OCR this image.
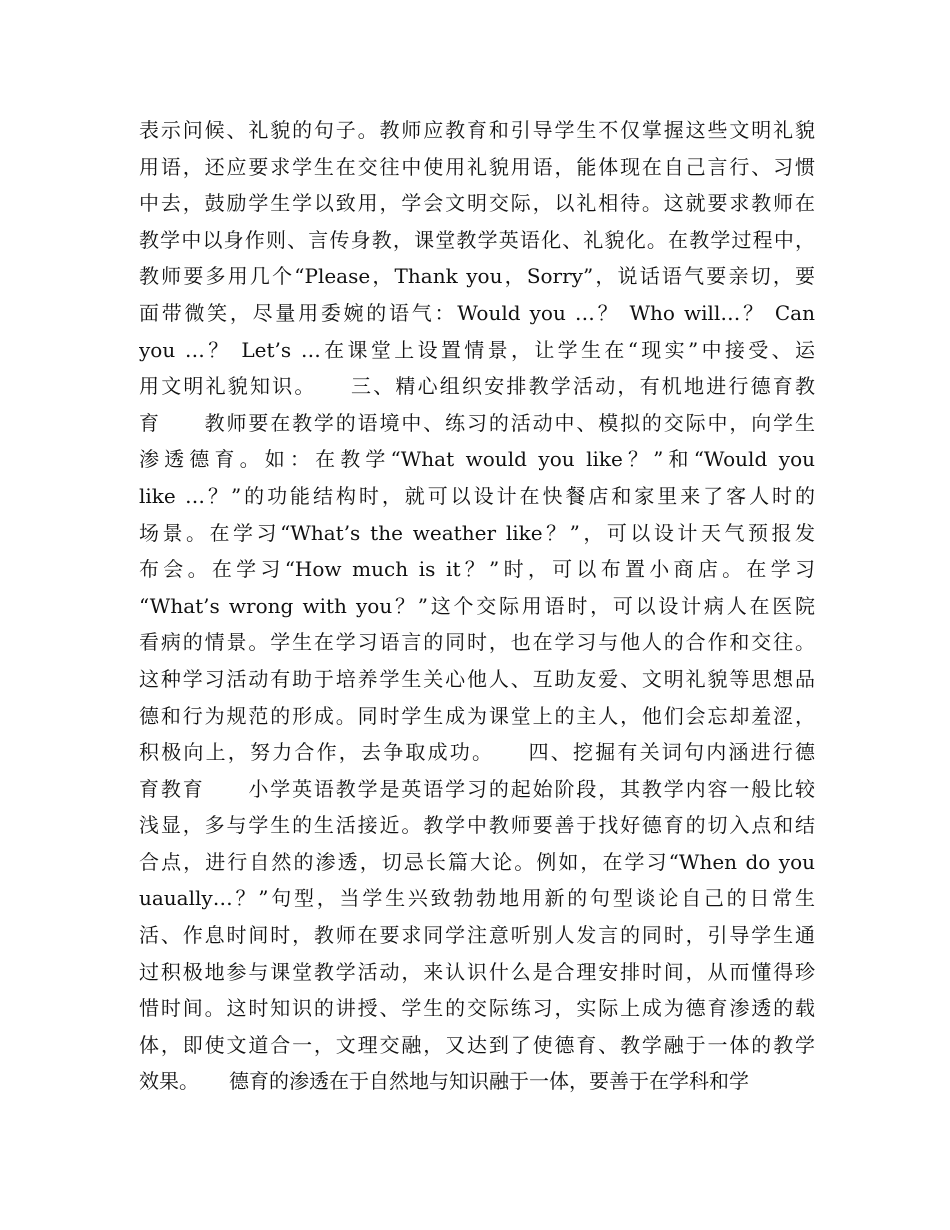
表示问候、礼貌的句子。教师应教育和引导学生不仅掌握这些文明礼貌
用语，还应要求学生在交往中使用礼貌用语，能体现在自己言行、习惯
中去，鼓励学生学以致用，学会文明交际，以礼相待。这就要求教师在
教学中以身作则、言传身教，课堂教学英语化、礼貌化。在教学过程中，
教师要多用几个“Please，Thank you，Sorry”，说话语气要亲切，要
面带微笑，尽量用委婉的语气：Would you …？ Who will…？ Can
you …？ Let’s …在课堂上设置情景，让学生在“现实”中接受、运
用文明礼貌知识。　　三、精心组织安排教学活动，有机地进行德育教
育　　教师要在教学的语境中、练习的活动中、模拟的交际中，向学生
渗透德育。如：在教学“What would you like？”和“Would you
like …？”的功能结构时，就可以设计在快餐店和家里来了客人时的
场景。在学习“What’s the weather like？”，可以设计天气预报发
布会。在学习“How much is it？”时，可以布置小商店。在学习
“What’s wrong with you？”这个交际用语时，可以设计病人在医院
看病的情景。学生在学习语言的同时，也在学习与他人的合作和交往。
这种学习活动有助于培养学生关心他人、互助友爱、文明礼貌等思想品
德和行为规范的形成。同时学生成为课堂上的主人，他们会忘却羞涩，
积极向上，努力合作，去争取成功。　　四、挖掘有关词句内涵进行德
育教育　　小学英语教学是英语学习的起始阶段，其教学内容一般比较
浅显，多与学生的生活接近。教学中教师要善于找好德育的切入点和结
合点，进行自然的渗透，切忌长篇大论。例如，在学习“When do you
uaually…？”句型，当学生兴致勃勃地用新的句型谈论自己的日常生
活、作息时间时，教师在要求同学注意听别人发言的同时，引导学生通
过积极地参与课堂教学活动，来认识什么是合理安排时间，从而懂得珍
惜时间。这时知识的讲授、学生的交际练习，实际上成为德育渗透的载
体，即使文道合一，文理交融，又达到了使德育、教学融于一体的教学
效果。　　德育的渗透在于自然地与知识融于一体，要善于在学科和学
